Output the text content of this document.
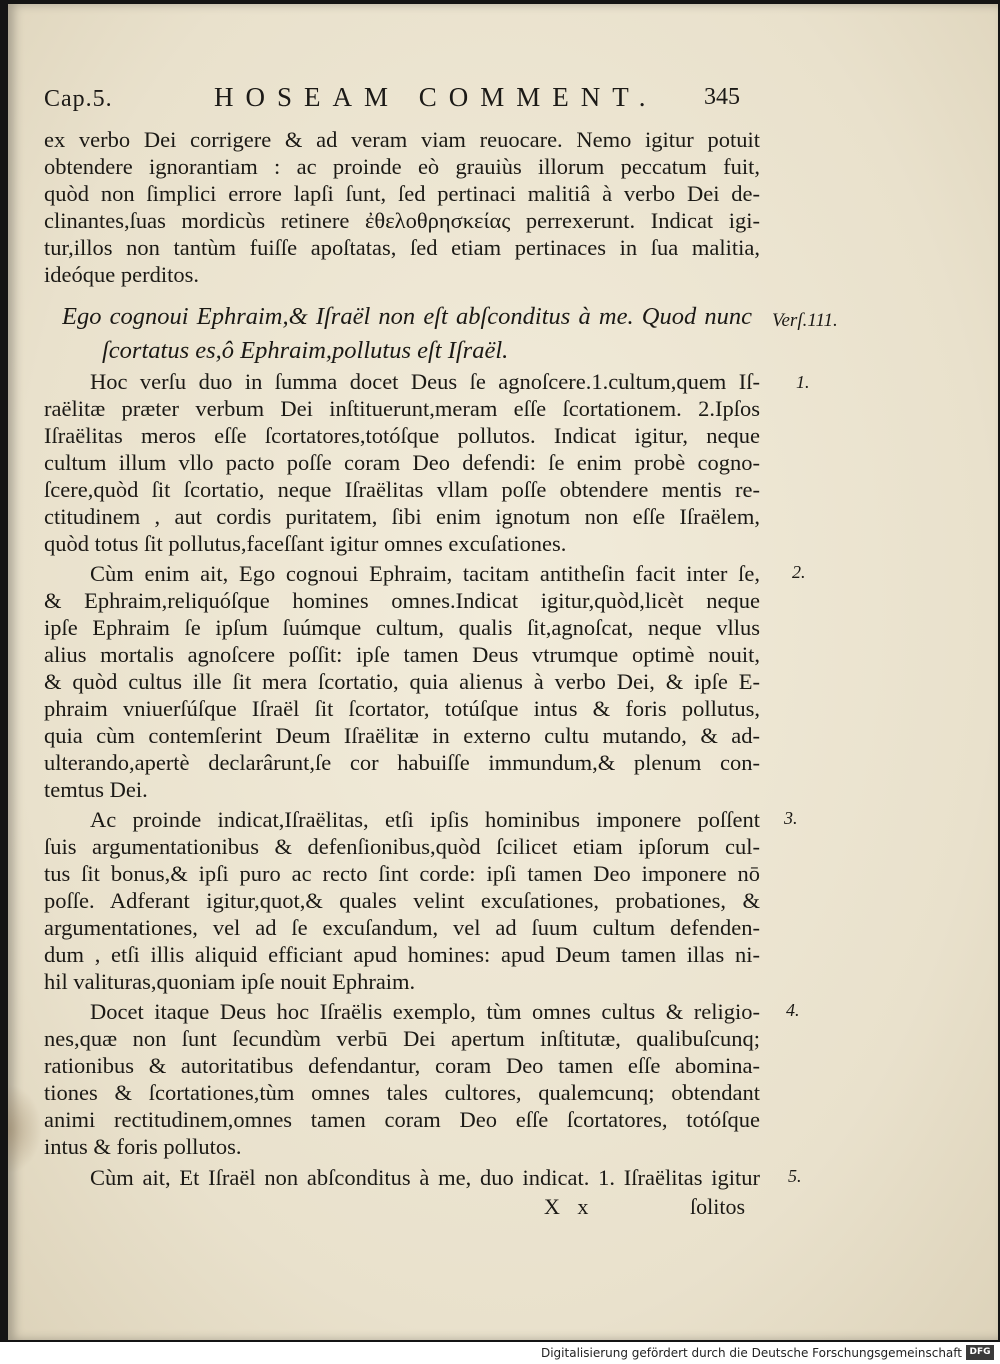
Cap.5.	HOSEAM COMMENT. 345
ex verbo Dei corrigere & ad veram viam reuocare. Nemo igitur potuit
obtendere ignorantiam : ac proinde eò grauiùs illorum peccatum fuit,
quòd non ſimplici errore lapſi ſunt, ſed pertinaci malitiâ à verbo Dei de-
clinantes,ſuas mordicùs retinere ἐθελοθρησκείας perrexerunt. Indicat igi-
tur,illos non tantùm fuiſſe apoſtatas, ſed etiam pertinaces in ſua malitia,
ideóque perditos.
Ego cognoui Ephraim,& Iſraël non eſt abſconditus à me. Quod nunc
ſcortatus es,ô Ephraim,pollutus eſt Iſraël.
Hoc verſu duo in ſumma docet Deus ſe agnoſcere.1.cultum,quem Iſ-
raëlitæ præter verbum Dei inſtituerunt,meram eſſe ſcortationem. 2.Ipſos
Iſraëlitas meros eſſe ſcortatores,totóſque pollutos. Indicat igitur, neque
cultum illum vllo pacto poſſe coram Deo defendi: ſe enim probè cogno-
ſcere,quòd ſit ſcortatio, neque Iſraëlitas vllam poſſe obtendere mentis re-
ctitudinem , aut cordis puritatem, ſibi enim ignotum non eſſe Iſraëlem,
quòd totus ſit pollutus,faceſſant igitur omnes excuſationes.
Cùm enim ait, Ego cognoui Ephraim, tacitam antitheſin facit inter ſe,
& Ephraim,reliquóſque homines omnes.Indicat igitur,quòd,licèt neque
ipſe Ephraim ſe ipſum ſuúmque cultum, qualis ſit,agnoſcat, neque vllus
alius mortalis agnoſcere poſſit: ipſe tamen Deus vtrumque optimè nouit,
& quòd cultus ille ſit mera ſcortatio, quia alienus à verbo Dei, & ipſe E-
phraim vniuerſúſque Iſraël ſit ſcortator, totúſque intus & foris pollutus,
quia cùm contemſerint Deum Iſraëlitæ in externo cultu mutando, & ad-
ulterando,apertè declarârunt,ſe cor habuiſſe immundum,& plenum con-
temtus Dei.
Ac proinde indicat,Iſraëlitas, etſi ipſis hominibus imponere poſſent
ſuis argumentationibus & defenſionibus,quòd ſcilicet etiam ipſorum cul-
tus ſit bonus,& ipſi puro ac recto ſint corde: ipſi tamen Deo imponere nō
poſſe. Adferant igitur,quot,& quales velint excuſationes, probationes, &
argumentationes, vel ad ſe excuſandum, vel ad ſuum cultum defenden-
dum , etſi illis aliquid efficiant apud homines: apud Deum tamen illas ni-
hil valituras,quoniam ipſe nouit Ephraim.
Docet itaque Deus hoc Iſraëlis exemplo, tùm omnes cultus & religio-
nes,quæ non ſunt ſecundùm verbū Dei apertum inſtitutæ, qualibuſcunq;
rationibus & autoritatibus defendantur, coram Deo tamen eſſe abomina-
tiones & ſcortationes,tùm omnes tales cultores, qualemcunq; obtendant
animi rectitudinem,omnes tamen coram Deo eſſe ſcortatores, totóſque
intus & foris pollutos.
Cùm ait, Et Iſraël non abſconditus à me, duo indicat. 1. Iſraëlitas igitur
X x	ſolitos
Verſ.111.
1.
2.
3.
4.
5.
Digitalisierung gefördert durch die Deutsche Forschungsgemeinschaft DFG
